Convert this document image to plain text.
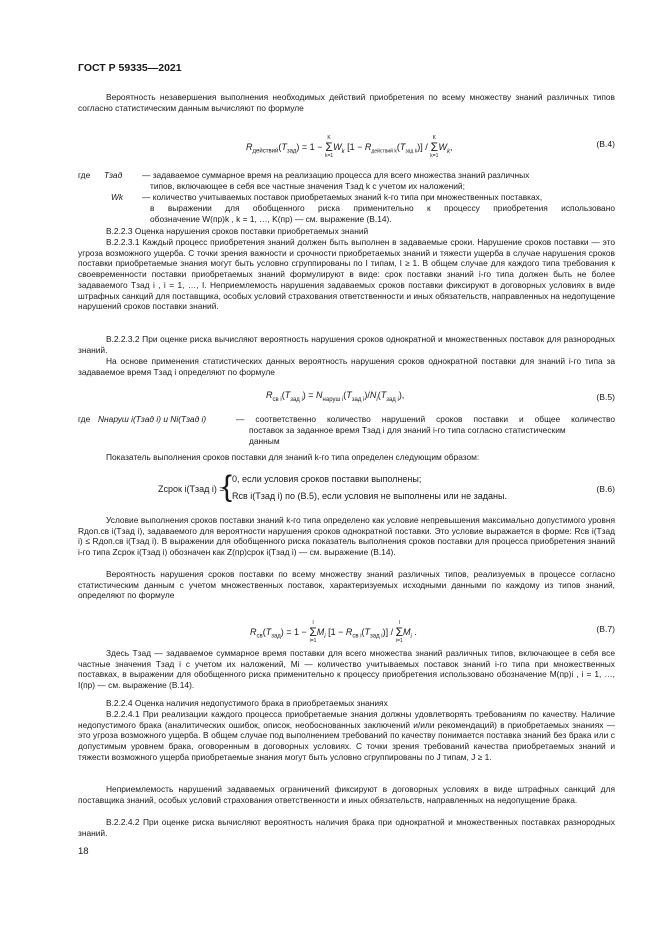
ГОСТ Р 59335—2021
Вероятность незавершения выполнения необходимых действий приобретения по всему множеству знаний различных типов согласно статистическим данным вычисляют по формуле
$R_{действий}(T_{зад}) = 1$ −
K
Σ
k=1
$W_k$ $[1 - R_{действий k}(T_{зад k})]$ /
K
Σ
k=1
$W_k$,	(B.4)
где Tзад — задаваемое суммарное время на реализацию процесса для всего множества знаний различных
типов, включающее в себя все частные значения Tзад k с учетом их наложений;
Wk — количество учитываемых поставок приобретаемых знаний k-го типа при множественных поставках,
в выражении для обобщенного риска применительно к процессу приобретения использовано
обозначение W(пр)k , k = 1, …, K(пр) — см. выражение (B.14).
B.2.2.3 Оценка нарушения сроков поставки приобретаемых знаний
B.2.2.3.1 Каждый процесс приобретения знаний должен быть выполнен в задаваемые сроки. Нарушение сроков поставки — это угроза возможного ущерба. С точки зрения важности и срочности приобретаемых знаний и тяжести ущерба в случае нарушения сроков поставки приобретаемые знания могут быть условно сгруппированы по I типам, I ≥ 1. В общем случае для каждого типа требования к своевременности поставки приобретаемых знаний формулируют в виде: срок поставки знаний i-го типа должен быть не более задаваемого Tзад i , i = 1, …, I. Неприемлемость нарушения задаваемых сроков поставки фиксируют в договорных условиях в виде штрафных санкций для поставщика, особых условий страхования ответственности и иных обязательств, направленных на недопущение нарушений сроков поставки знаний.
B.2.2.3.2 При оценке риска вычисляют вероятность нарушения сроков однократной и множественных поставок для разнородных знаний.
На основе применения статистических данных вероятность нарушения сроков однократной поставки для знаний i-го типа за задаваемое время Tзад i определяют по формуле
$R_{св i}(T_{зад i}) = N_{наруш i}(T_{зад i})/N_i(T_{зад i})$,	(B.5)
где Nнаруш i(Tзад i) и Ni(Tзад i)	— соответственно количество нарушений сроков поставки и общее количество
поставок за заданное время Tзад i для знаний i-го типа согласно статистическим
данным
Показатель выполнения сроков поставки для знаний k-го типа определен следующим образом:
Zсрок i(Tзад i) =
{ 0, если условия сроков поставки выполнены;
Rсв i(Tзад i) по (B.5), если условия не выполнены или не заданы.
(B.6)
Условие выполнения сроков поставки знаний k-го типа определено как условие непревышения максимально допустимого уровня Rдоп.св i(Tзад i), задаваемого для вероятности нарушения сроков однократной поставки. Это условие выражается в форме: Rсв i(Tзад i) ≤ Rдоп.св i(Tзад i). В выражении для обобщенного риска показатель выполнения сроков поставки для процесса приобретения знаний i-го типа Zсрок i(Tзад i) обозначен как Z(пр)срок i(Tзад i) — см. выражение (B.14).
Вероятность нарушения сроков поставки по всему множеству знаний различных типов, реализуемых в процессе согласно статистическим данным с учетом множественных поставок, характеризуемых исходными данными по каждому из типов знаний, определяют по формуле
$R_{св}(T_{зад}) = 1$ −
I
Σ
i=1
$M_i$ $[1 - R_{св i}(T_{зад i})]$ /
I
Σ
i=1
$M_i$ .	(B.7)
Здесь Tзад — задаваемое суммарное время поставки для всего множества знаний различных типов, включающее в себя все частные значения Tзад i с учетом их наложений, Mi — количество учитываемых поставок знаний i-го типа при множественных поставках, в выражении для обобщенного риска применительно к процессу приобретения использовано обозначение M(пр)i , i = 1, …, I(пр) — см. выражение (B.14).
B.2.2.4 Оценка наличия недопустимого брака в приобретаемых знаниях
B.2.2.4.1 При реализации каждого процесса приобретаемые знания должны удовлетворять требованиям по качеству. Наличие недопустимого брака (аналитических ошибок, описок, необоснованных заключений и/или рекомендаций) в приобретаемых знаниях — это угроза возможного ущерба. В общем случае под выполнением требований по качеству понимается поставка знаний без брака или с допустимым уровнем брака, оговоренным в договорных условиях. С точки зрения требований качества приобретаемых знаний и тяжести возможного ущерба приобретаемые знания могут быть условно сгруппированы по J типам, J ≥ 1.
Неприемлемость нарушений задаваемых ограничений фиксируют в договорных условиях в виде штрафных санкций для поставщика знаний, особых условий страхования ответственности и иных обязательств, направленных на недопущение брака.
B.2.2.4.2 При оценке риска вычисляют вероятность наличия брака при однократной и множественных поставках разнородных знаний.
18
